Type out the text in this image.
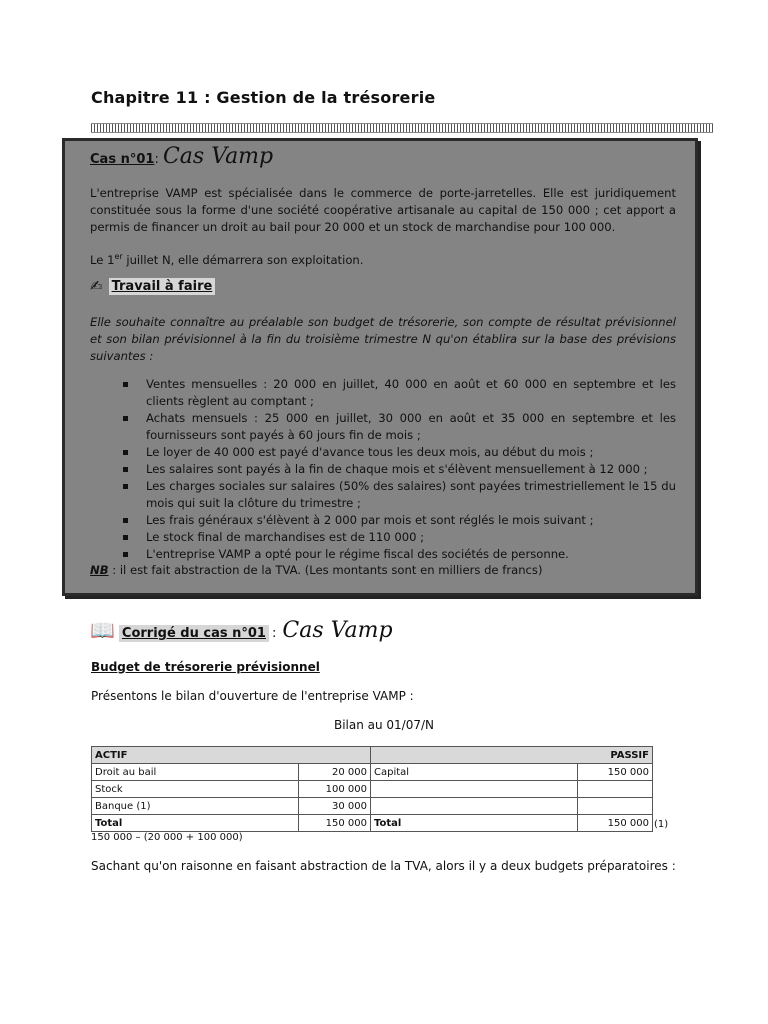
Chapitre 11 : Gestion de la trésorerie
Cas n°01: Cas Vamp
L'entreprise VAMP est spécialisée dans le commerce de porte-jarretelles. Elle est juridiquement constituée sous la forme d'une société coopérative artisanale au capital de 150 000 ; cet apport a permis de financer un droit au bail pour 20 000 et un stock de marchandise pour 100 000.
Le 1er juillet N, elle démarrera son exploitation.
✍ Travail à faire
Elle souhaite connaître au préalable son budget de trésorerie, son compte de résultat prévisionnel et son bilan prévisionnel à la fin du troisième trimestre N qu'on établira sur la base des prévisions suivantes :
Ventes mensuelles : 20 000 en juillet, 40 000 en août et 60 000 en septembre et les clients règlent au comptant ;
Achats mensuels : 25 000 en juillet, 30 000 en août et 35 000 en septembre et les fournisseurs sont payés à 60 jours fin de mois ;
Le loyer de 40 000 est payé d'avance tous les deux mois, au début du mois ;
Les salaires sont payés à la fin de chaque mois et s'élèvent mensuellement à 12 000 ;
Les charges sociales sur salaires (50% des salaires) sont payées trimestriellement le 15 du mois qui suit la clôture du trimestre ;
Les frais généraux s'élèvent à 2 000 par mois et sont réglés le mois suivant ;
Le stock final de marchandises est de 110 000 ;
L'entreprise VAMP a opté pour le régime fiscal des sociétés de personne.
NB : il est fait abstraction de la TVA. (Les montants sont en milliers de francs)
📖 Corrigé du cas n°01 : Cas Vamp
Budget de trésorerie prévisionnel
Présentons le bilan d'ouverture de l'entreprise VAMP :
Bilan au 01/07/N
ACTIF		PASSIF	
Droit au bail	20 000	Capital	150 000
Stock	100 000		
Banque (1)	30 000		
Total	150 000	Total	150 000 (1)
150 000 – (20 000 + 100 000)
Sachant qu'on raisonne en faisant abstraction de la TVA, alors il y a deux budgets préparatoires :
